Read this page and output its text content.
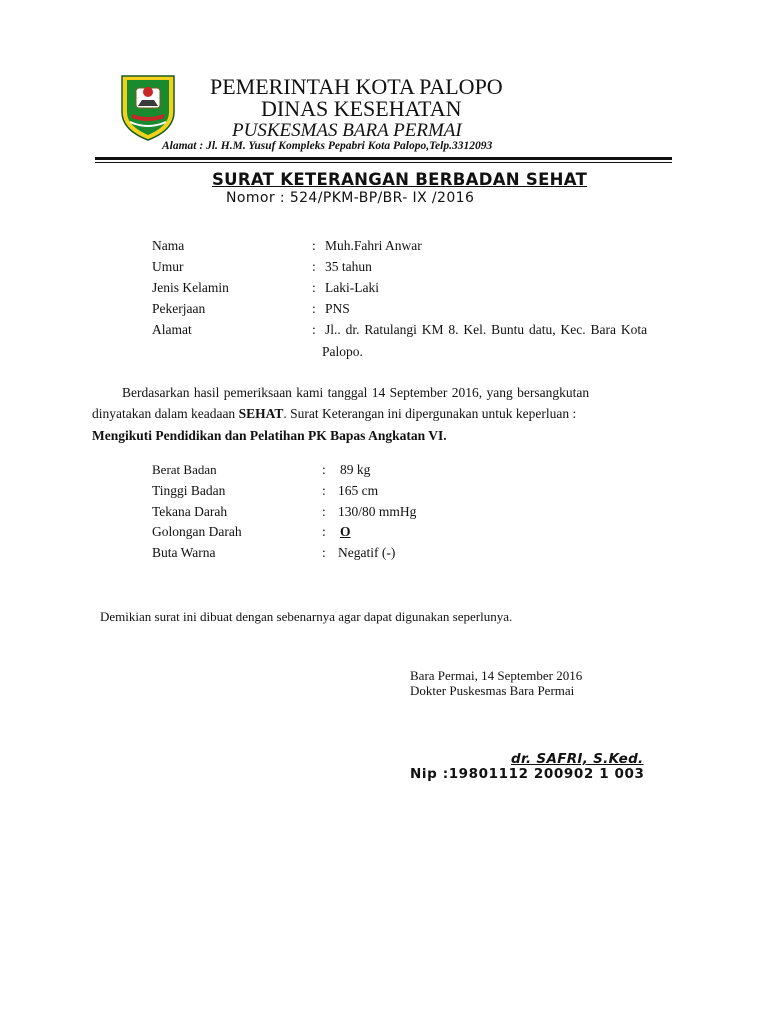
PEMERINTAH KOTA PALOPO
DINAS KESEHATAN
PUSKESMAS BARA PERMAI
Alamat : Jl. H.M. Yusuf Kompleks Pepabri Kota Palopo,Telp.3312093
SURAT KETERANGAN BERBADAN SEHAT
Nomor : 524/PKM-BP/BR- IX /2016
Nama	: Muh.Fahri Anwar
Umur	: 35 tahun
Jenis Kelamin	: Laki-Laki
Pekerjaan	: PNS
Alamat	: Jl.. dr. Ratulangi KM 8. Kel. Buntu datu, Kec. Bara Kota
Palopo.
Berdasarkan hasil pemeriksaan kami tanggal 14 September 2016, yang bersangkutan
dinyatakan dalam keadaan SEHAT. Surat Keterangan ini dipergunakan untuk keperluan :
Mengikuti Pendidikan dan Pelatihan PK Bapas Angkatan VI.
Berat Badan	: 89 kg
Tinggi Badan	: 165 cm
Tekana Darah	: 130/80 mmHg
Golongan Darah	: O
Buta Warna	: Negatif (-)
Demikian surat ini dibuat dengan sebenarnya agar dapat digunakan seperlunya.
Bara Permai, 14 September 2016
Dokter Puskesmas Bara Permai
dr. SAFRI, S.Ked.
Nip :19801112 200902 1 003
